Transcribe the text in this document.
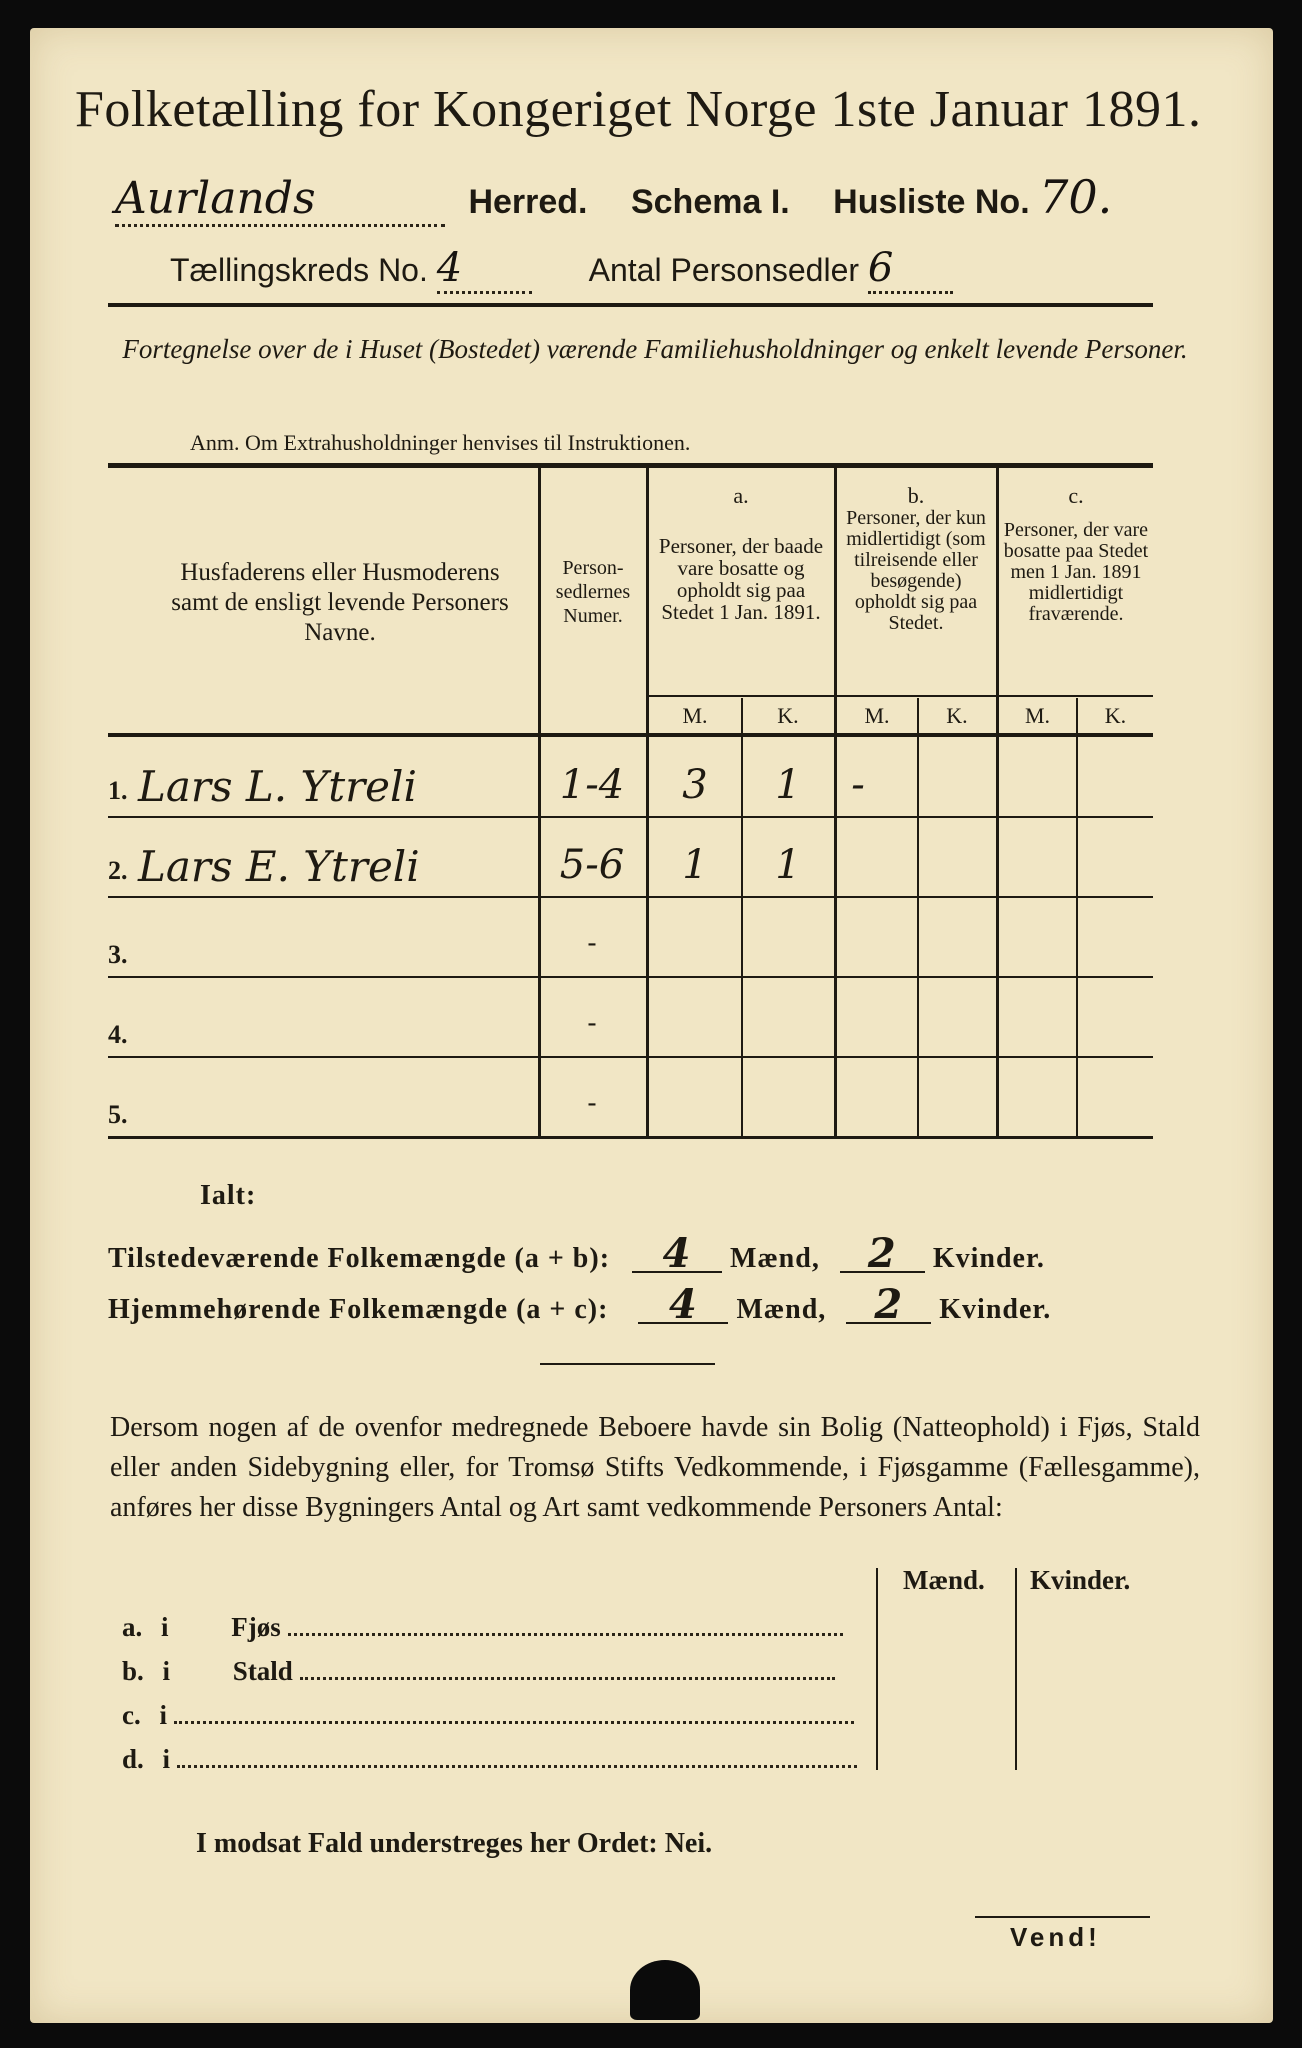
Folketælling for Kongeriget Norge 1ste Januar 1891.
Aurlands	Herred. Schema I. Husliste No. 70.
Tællingskreds No. 4	Antal Personsedler 6
Fortegnelse over de i Huset (Bostedet) værende Familiehusholdninger og enkelt levende Personer.
Anm. Om Extrahusholdninger henvises til Instruktionen.
Husfaderens eller Husmoderens samt de ensligt levende Personers Navne.
Person-sedlernes Numer.
a.
Personer, der baade vare bosatte og opholdt sig paa Stedet 1 Jan. 1891.
b.
Personer, der kun midlertidigt (som tilreisende eller besøgende) opholdt sig paa Stedet.
c.
Personer, der vare bosatte paa Stedet men 1 Jan. 1891 midlertidigt fraværende.
M.	K.	M.	K.	M.	K.
1. Lars L. Ytreli	1-4	3	1	-
2. Lars E. Ytreli	5-6	1	1
3.	-
4.	-
5.	-
Ialt:
Tilstedeværende Folkemængde (a + b): 4 Mænd, 2 Kvinder.
Hjemmehørende Folkemængde (a + c): 4 Mænd, 2 Kvinder.
Dersom nogen af de ovenfor medregnede Beboere havde sin Bolig (Natteophold) i Fjøs, Stald eller anden Sidebygning eller, for Tromsø Stifts Vedkommende, i Fjøsgamme (Fællesgamme), anføres her disse Bygningers Antal og Art samt vedkommende Personers Antal:
Mænd. Kvinder.
a. i Fjøs
b. i Stald
c. i
d. i
I modsat Fald understreges her Ordet: Nei.
Vend!
